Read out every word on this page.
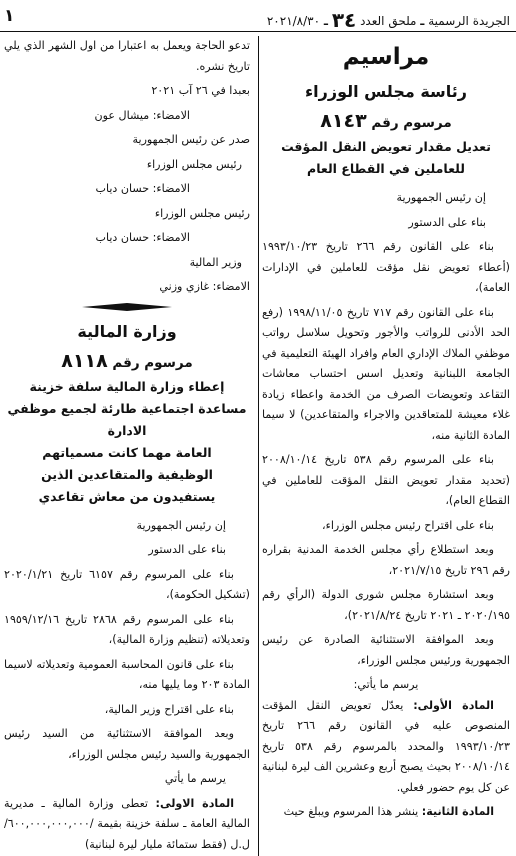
١	الجريدة الرسمية ـ ملحق العدد ٣٤ ـ ٢٠٢١/٨/٣٠
مراسيم
رئاسة مجلس الوزراء
مرسوم رقم ٨١٤٣
تعديل مقدار تعويض النقل المؤقت
للعاملين في القطاع العام

إن رئيس الجمهورية

بناء على الدستور

بناء على القانون رقم ٢٦٦ تاريخ ١٩٩٣/١٠/٢٣ (أعطاء تعويض نقل مؤقت للعاملين في الإدارات العامة)،

بناء على القانون رقم ٧١٧ تاريخ ١٩٩٨/١١/٠٥ (رفع الحد الأدنى للرواتب والأجور وتحويل سلاسل رواتب موظفي الملاك الإداري العام وافراد الهيئة التعليمية في الجامعة اللبنانية وتعديل اسس احتساب معاشات التقاعد وتعويضات الصرف من الخدمة واعطاء زيادة غلاء معيشة للمتعاقدين والاجراء والمتقاعدين) لا سيما المادة الثانية منه،

بناء على المرسوم رقم ٥٣٨ تاريخ ٢٠٠٨/١٠/١٤ (تحديد مقدار تعويض النقل المؤقت للعاملين في القطاع العام)،

بناء على اقتراح رئيس مجلس الوزراء،

وبعد استطلاع رأي مجلس الخدمة المدنية بقراره رقم ٢٩٦ تاريخ ٢٠٢١/٧/١٥،

وبعد استشارة مجلس شورى الدولة (الرأي رقم ٢٠٢٠/١٩٥ ـ ٢٠٢١ تاريخ ٢٠٢١/٨/٢٤)،

وبعد الموافقة الاستثنائية الصادرة عن رئيس الجمهورية ورئيس مجلس الوزراء،

يرسم ما يأتي:

المادة الأولى: يعدّل تعويض النقل المؤقت المنصوص عليه في القانون رقم ٢٦٦ تاريخ ١٩٩٣/١٠/٢٣ والمحدد بالمرسوم رقم ٥٣٨ تاريخ ٢٠٠٨/١٠/١٤ بحيث يصبح أربع وعشرين الف ليرة لبنانية عن كل يوم حضور فعلي.

المادة الثانية: ينشر هذا المرسوم ويبلغ حيث

تدعو الحاجة ويعمل به اعتبارا من اول الشهر الذي يلي تاريخ نشره.

بعبدا في ٢٦ آب ٢٠٢١

الامضاء: ميشال عون

صدر عن رئيس الجمهورية

رئيس مجلس الوزراء

الامضاء: حسان دياب

رئيس مجلس الوزراء

الامضاء: حسان دياب

وزير المالية

الامضاء: غازي وزني

وزارة المالية
مرسوم رقم ٨١١٨
إعطاء وزارة المالية سلفة خزينة
مساعدة اجتماعية طارئة لجميع موظفي الادارة
العامة مهما كانت مسمياتهم
الوظيفية والمتقاعدين الذين
يستفيدون من معاش تقاعدي

إن رئيس الجمهورية

بناء على الدستور

بناء على المرسوم رقم ٦١٥٧ تاريخ ٢٠٢٠/١/٢١ (تشكيل الحكومة)،

بناء على المرسوم رقم ٢٨٦٨ تاريخ ١٩٥٩/١٢/١٦ وتعديلاته (تنظيم وزارة المالية)،

بناء على قانون المحاسبة العمومية وتعديلاته لاسيما المادة ٢٠٣ وما يليها منه،

بناء على اقتراح وزير المالية،

وبعد الموافقة الاستثنائية من السيد رئيس الجمهورية والسيد رئيس مجلس الوزراء،

يرسم ما يأتي

المادة الاولى: تعطى وزارة المالية ـ مديرية المالية العامة ـ سلفة خزينة بقيمة /٦٠٠,٠٠٠,٠٠٠,٠٠٠/ ل.ل (فقط ستمائة مليار ليرة لبنانية)
